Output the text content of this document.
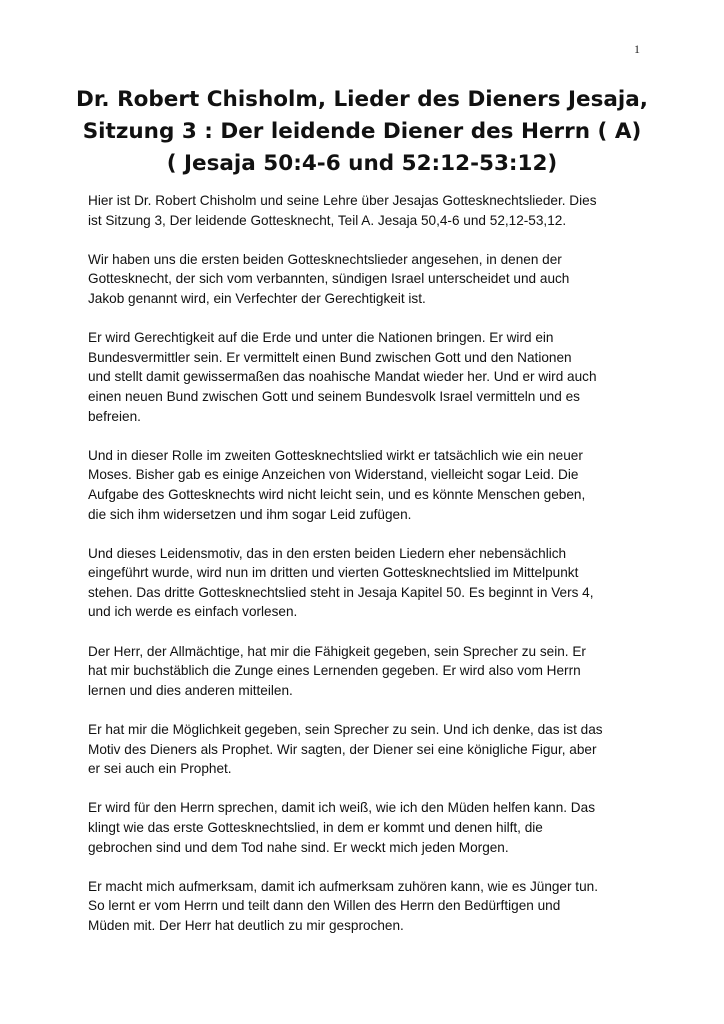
1
Dr. Robert Chisholm, Lieder des Dieners Jesaja,
Sitzung 3 : Der leidende Diener des Herrn ( A)
( Jesaja 50:4-6 und 52:12-53:12)

Hier ist Dr. Robert Chisholm und seine Lehre über Jesajas Gottesknechtslieder. Dies
ist Sitzung 3, Der leidende Gottesknecht, Teil A. Jesaja 50,4-6 und 52,12-53,12.

Wir haben uns die ersten beiden Gottesknechtslieder angesehen, in denen der
Gottesknecht, der sich vom verbannten, sündigen Israel unterscheidet und auch
Jakob genannt wird, ein Verfechter der Gerechtigkeit ist.

Er wird Gerechtigkeit auf die Erde und unter die Nationen bringen. Er wird ein
Bundesvermittler sein. Er vermittelt einen Bund zwischen Gott und den Nationen
und stellt damit gewissermaßen das noahische Mandat wieder her. Und er wird auch
einen neuen Bund zwischen Gott und seinem Bundesvolk Israel vermitteln und es
befreien.

Und in dieser Rolle im zweiten Gottesknechtslied wirkt er tatsächlich wie ein neuer
Moses. Bisher gab es einige Anzeichen von Widerstand, vielleicht sogar Leid. Die
Aufgabe des Gottesknechts wird nicht leicht sein, und es könnte Menschen geben,
die sich ihm widersetzen und ihm sogar Leid zufügen.

Und dieses Leidensmotiv, das in den ersten beiden Liedern eher nebensächlich
eingeführt wurde, wird nun im dritten und vierten Gottesknechtslied im Mittelpunkt
stehen. Das dritte Gottesknechtslied steht in Jesaja Kapitel 50. Es beginnt in Vers 4,
und ich werde es einfach vorlesen.

Der Herr, der Allmächtige, hat mir die Fähigkeit gegeben, sein Sprecher zu sein. Er
hat mir buchstäblich die Zunge eines Lernenden gegeben. Er wird also vom Herrn
lernen und dies anderen mitteilen.

Er hat mir die Möglichkeit gegeben, sein Sprecher zu sein. Und ich denke, das ist das
Motiv des Dieners als Prophet. Wir sagten, der Diener sei eine königliche Figur, aber
er sei auch ein Prophet.

Er wird für den Herrn sprechen, damit ich weiß, wie ich den Müden helfen kann. Das
klingt wie das erste Gottesknechtslied, in dem er kommt und denen hilft, die
gebrochen sind und dem Tod nahe sind. Er weckt mich jeden Morgen.

Er macht mich aufmerksam, damit ich aufmerksam zuhören kann, wie es Jünger tun.
So lernt er vom Herrn und teilt dann den Willen des Herrn den Bedürftigen und
Müden mit. Der Herr hat deutlich zu mir gesprochen.
